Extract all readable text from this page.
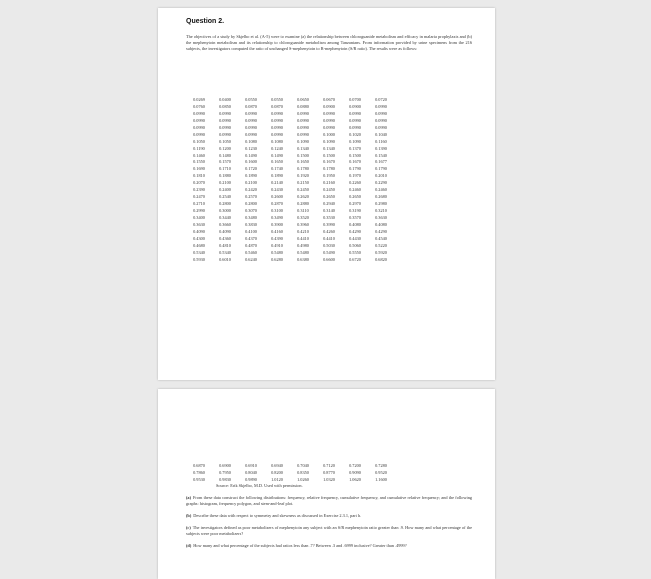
Question 2.
The objectives of a study by Skjelbo et al. (A-5) were to examine (a) the relationship between chloroguanide metabolism and efficacy in malaria prophylaxis and (b) the mephenytoin metabolism and its relationship to chloroguanide metabolism among Tanzanians. From information provided by urine specimens from the 216 subjects, the investigators computed the ratio of unchanged S-mephenytoin to R-mephenytoin (S/R ratio). The results were as follows:
0.0269	0.0400	0.0550	0.0550	0.0650	0.0670	0.0700	0.0720
0.0760	0.0850	0.0870	0.0870	0.0880	0.0900	0.0900	0.0990
0.0990	0.0990	0.0990	0.0990	0.0990	0.0990	0.0990	0.0990
0.0990	0.0990	0.0990	0.0990	0.0990	0.0990	0.0990	0.0990
0.0990	0.0990	0.0990	0.0990	0.0990	0.0990	0.0990	0.0990
0.0990	0.0990	0.0990	0.0990	0.0990	0.1000	0.1020	0.1040
0.1050	0.1050	0.1080	0.1080	0.1090	0.1090	0.1090	0.1160
0.1190	0.1200	0.1230	0.1240	0.1340	0.1340	0.1370	0.1390
0.1460	0.1480	0.1490	0.1490	0.1500	0.1500	0.1500	0.1540
0.1550	0.1570	0.1600	0.1650	0.1650	0.1670	0.1670	0.1677
0.1690	0.1710	0.1720	0.1740	0.1780	0.1780	0.1790	0.1790
0.1810	0.1880	0.1890	0.1890	0.1920	0.1950	0.1970	0.2010
0.2070	0.2100	0.2100	0.2140	0.2150	0.2160	0.2260	0.2290
0.2390	0.2400	0.2420	0.2430	0.2450	0.2450	0.2460	0.2460
0.2470	0.2540	0.2570	0.2600	0.2620	0.2650	0.2650	0.2680
0.2710	0.2800	0.2800	0.2870	0.2880	0.2940	0.2970	0.2980
0.2990	0.3000	0.3070	0.3100	0.3110	0.3140	0.3190	0.3210
0.3400	0.3440	0.3480	0.3490	0.3520	0.3530	0.3570	0.3630
0.3630	0.3660	0.3830	0.3900	0.3960	0.3990	0.4080	0.4080
0.4090	0.4090	0.4100	0.4160	0.4210	0.4260	0.4290	0.4290
0.4300	0.4360	0.4370	0.4390	0.4410	0.4410	0.4430	0.4540
0.4680	0.4810	0.4870	0.4910	0.4980	0.5030	0.5060	0.5220
0.5340	0.5340	0.5460	0.5480	0.5480	0.5490	0.5550	0.5920
0.5930	0.6010	0.6240	0.6280	0.6380	0.6600	0.6720	0.6820
0.6870	0.6900	0.6910	0.6940	0.7040	0.7120	0.7200	0.7280
0.7860	0.7950	0.8040	0.8200	0.8350	0.8770	0.9090	0.9520
0.9530	0.9830	0.9890	1.0120	1.0260	1.0320	1.0620	1.1600
Source: Erik Skjelbo, M.D. Used with permission.
(a) From these data construct the following distributions: frequency, relative frequency, cumulative frequency, and cumulative relative frequency; and the following graphs: histogram, frequency polygon, and stem-and-leaf plot.
(b) Describe these data with respect to symmetry and skewness as discussed in Exercise 2.3.1, part h.
(c) The investigators defined as poor metabolizers of mephenytoin any subject with an S/R mephenytoin ratio greater than .9. How many and what percentage of the subjects were poor metabolizers?
(d) How many and what percentage of the subjects had ratios less than .7? Between .3 and .6999 inclusive? Greater than .4999?
